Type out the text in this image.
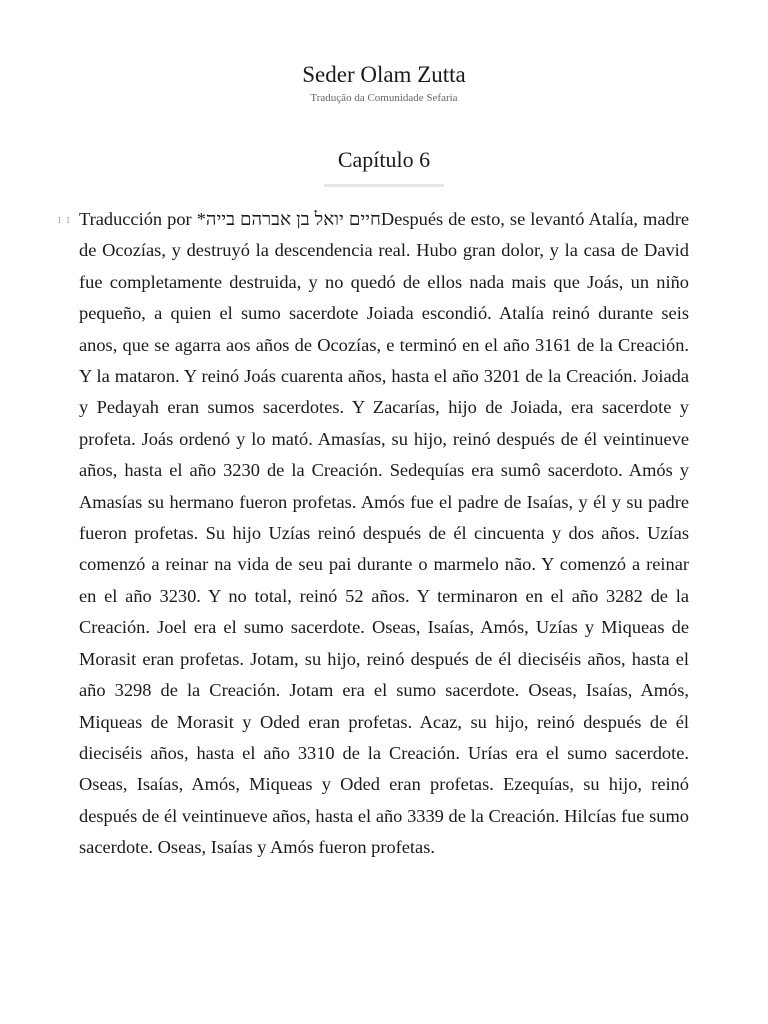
Seder Olam Zutta
Tradução da Comunidade Sefaria
Capítulo 6
1 1 Traducción por חיים יואל בן אברהם בייה*Después de esto, se levantó Atalía, madre de Ocozías, y destruyó la descendencia real. Hubo gran dolor, y la casa de David fue completamente destruida, y no quedó de ellos nada mais que Joás, un niño pequeño, a quien el sumo sacerdote Joiada escondió. Atalía reinó durante seis anos, que se agarra aos años de Ocozías, e terminó en el año 3161 de la Creación. Y la mataron. Y reinó Joás cuarenta años, hasta el año 3201 de la Creación. Joiada y Pedayah eran sumos sacerdotes. Y Zacarías, hijo de Joiada, era sacerdote y profeta. Joás ordenó y lo mató. Amasías, su hijo, reinó después de él veintinueve años, hasta el año 3230 de la Creación. Sedequías era sumô sacerdoto. Amós y Amasías su hermano fueron profetas. Amós fue el padre de Isaías, y él y su padre fueron profetas. Su hijo Uzías reinó después de él cincuenta y dos años. Uzías comenzó a reinar na vida de seu pai durante o marmelo não. Y comenzó a reinar en el año 3230. Y no total, reinó 52 años. Y terminaron en el año 3282 de la Creación. Joel era el sumo sacerdote. Oseas, Isaías, Amós, Uzías y Miqueas de Morasit eran profetas. Jotam, su hijo, reinó después de él dieciséis años, hasta el año 3298 de la Creación. Jotam era el sumo sacerdote. Oseas, Isaías, Amós, Miqueas de Morasit y Oded eran profetas. Acaz, su hijo, reinó después de él dieciséis años, hasta el año 3310 de la Creación. Urías era el sumo sacerdote. Oseas, Isaías, Amós, Miqueas y Oded eran profetas. Ezequías, su hijo, reinó después de él veintinueve años, hasta el año 3339 de la Creación. Hilcías fue sumo sacerdote. Oseas, Isaías y Amós fueron profetas.
